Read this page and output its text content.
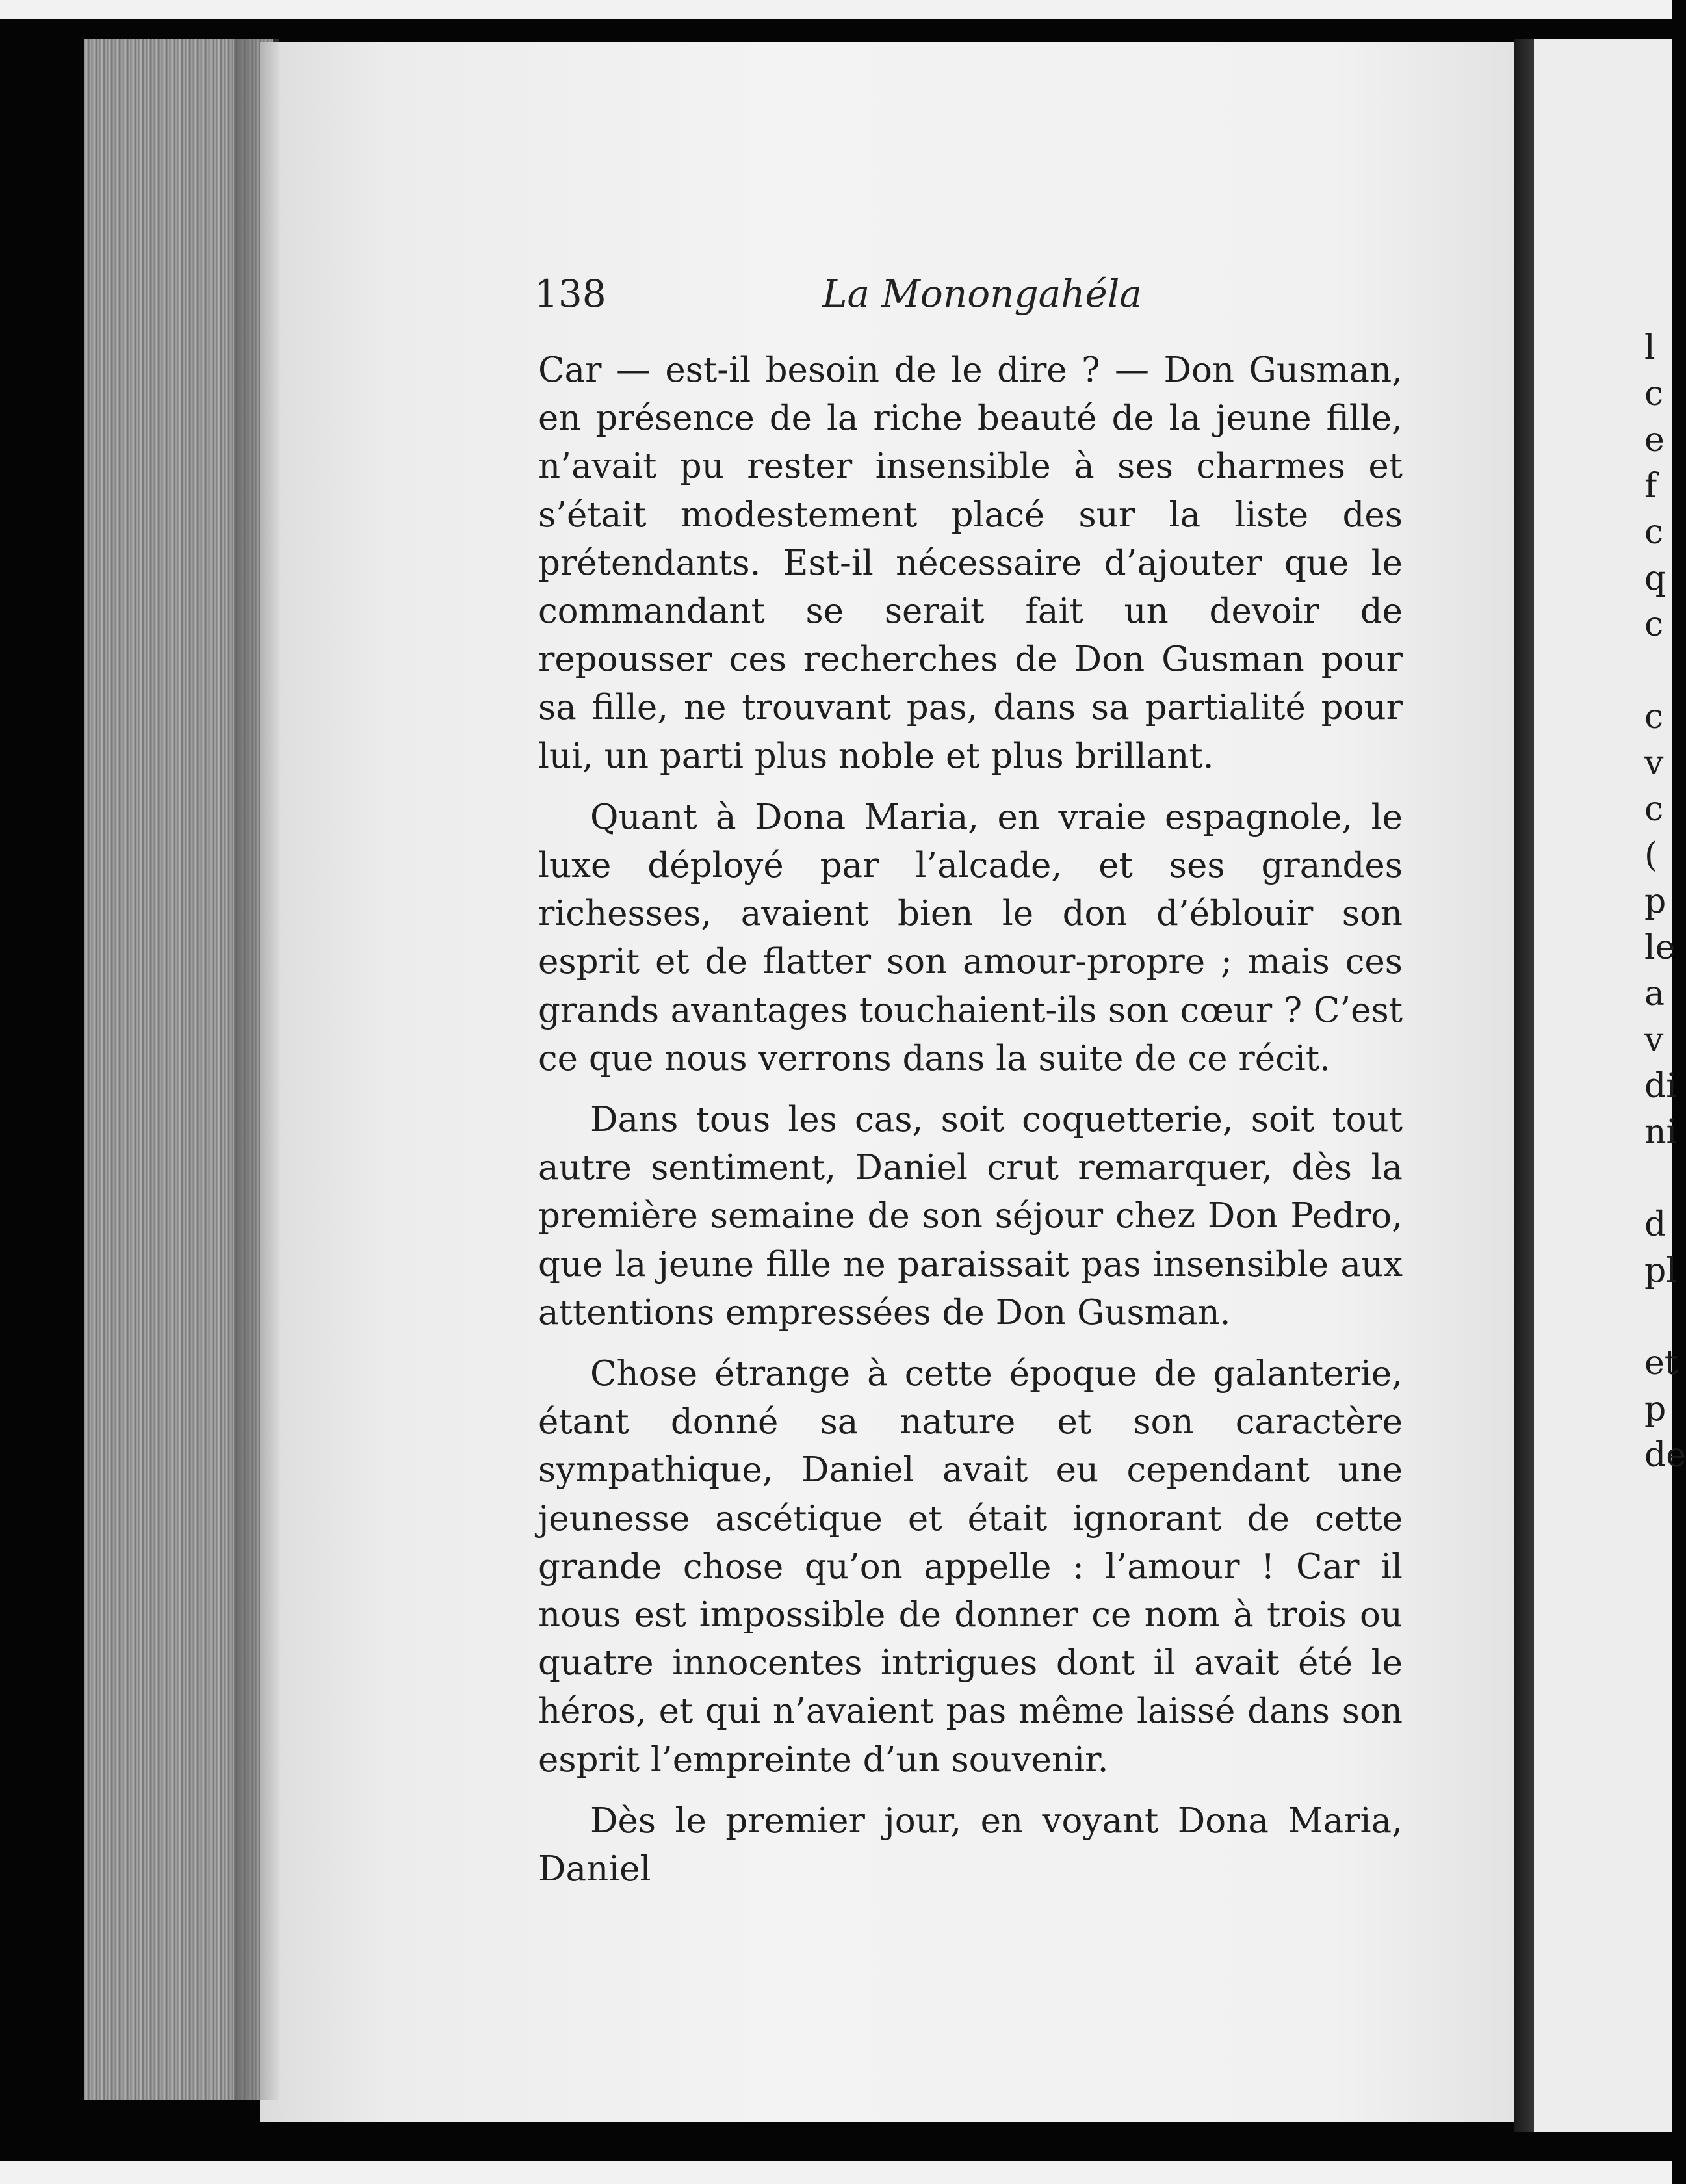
l
c
e
f
c
q
c
c
v
c
(
p
le
a
v
di
ni
d
pl
et
p
de
138	La Monongahéla

Car — est-il besoin de le dire ? — Don Gusman, en présence de la riche beauté de la jeune fille, n’avait pu rester insensible à ses charmes et s’était modestement placé sur la liste des prétendants. Est-il nécessaire d’ajouter que le commandant se serait fait un devoir de repousser ces recherches de Don Gusman pour sa fille, ne trouvant pas, dans sa partialité pour lui, un parti plus noble et plus brillant.

Quant à Dona Maria, en vraie espagnole, le luxe déployé par l’alcade, et ses grandes richesses, avaient bien le don d’éblouir son esprit et de flatter son amour-propre ; mais ces grands avantages touchaient-ils son cœur ? C’est ce que nous verrons dans la suite de ce récit.

Dans tous les cas, soit coquetterie, soit tout autre sentiment, Daniel crut remarquer, dès la première semaine de son séjour chez Don Pedro, que la jeune fille ne paraissait pas insensible aux attentions empressées de Don Gusman.

Chose étrange à cette époque de galanterie, étant donné sa nature et son caractère sympathique, Daniel avait eu cependant une jeunesse ascétique et était ignorant de cette grande chose qu’on appelle : l’amour ! Car il nous est impossible de donner ce nom à trois ou quatre innocentes intrigues dont il avait été le héros, et qui n’avaient pas même laissé dans son esprit l’empreinte d’un souvenir.

Dès le premier jour, en voyant Dona Maria, Daniel
